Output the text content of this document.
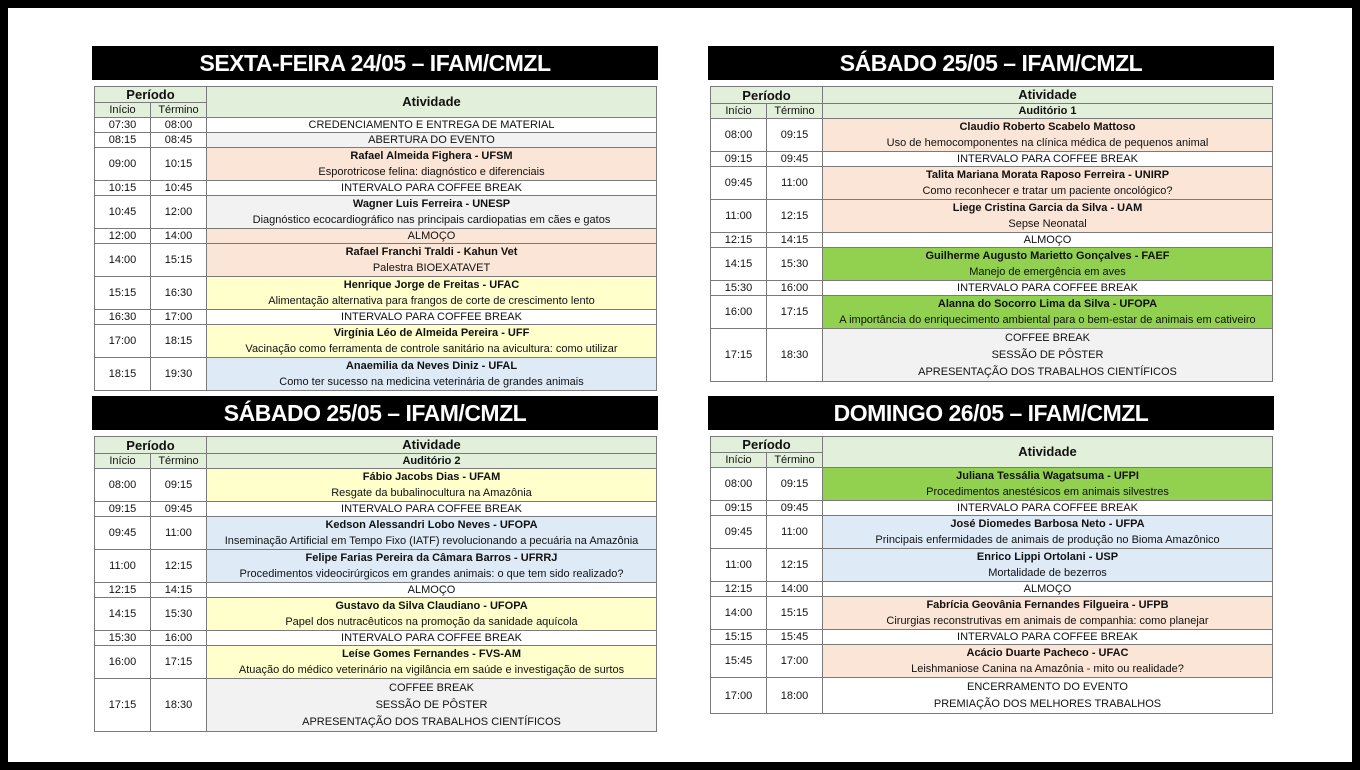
SEXTA-FEIRA 24/05 – IFAM/CMZL
Período		Atividade
Início	Término	
07:30	08:00	CREDENCIAMENTO E ENTREGA DE MATERIAL
08:15	08:45	ABERTURA DO EVENTO
09:00	10:15	Rafael Almeida Fighera - UFSM
Esporotricose felina: diagnóstico e diferenciais

10:15	10:45	INTERVALO PARA COFFEE BREAK
10:45	12:00	Wagner Luis Ferreira - UNESP
Diagnóstico ecocardiográfico nas principais cardiopatias em cães e gatos

12:00	14:00	ALMOÇO
14:00	15:15	Rafael Franchi Traldi - Kahun Vet
Palestra BIOEXATAVET

15:15	16:30	Henrique Jorge de Freitas - UFAC
Alimentação alternativa para frangos de corte de crescimento lento

16:30	17:00	INTERVALO PARA COFFEE BREAK
17:00	18:15	Virgínia Léo de Almeida Pereira - UFF
Vacinação como ferramenta de controle sanitário na avicultura: como utilizar

18:15	19:30	Anaemilia da Neves Diniz - UFAL
Como ter sucesso na medicina veterinária de grandes animais
SÁBADO 25/05 – IFAM/CMZL
Período		Atividade
Início	Término	Auditório 1
08:00	09:15	Claudio Roberto Scabelo Mattoso
Uso de hemocomponentes na clínica médica de pequenos animal

09:15	09:45	INTERVALO PARA COFFEE BREAK
09:45	11:00	Talita Mariana Morata Raposo Ferreira - UNIRP
Como reconhecer e tratar um paciente oncológico?

11:00	12:15	Liege Cristina Garcia da Silva - UAM
Sepse Neonatal

12:15	14:15	ALMOÇO
14:15	15:30	Guilherme Augusto Marietto Gonçalves - FAEF
Manejo de emergência em aves

15:30	16:00	INTERVALO PARA COFFEE BREAK
16:00	17:15	Alanna do Socorro Lima da Silva - UFOPA
A importância do enriquecimento ambiental para o bem-estar de animais em cativeiro

17:15	18:30	COFFEE BREAK
SESSÃO DE PÔSTER
APRESENTAÇÃO DOS TRABALHOS CIENTÍFICOS
SÁBADO 25/05 – IFAM/CMZL
Período		Atividade
Início	Término	Auditório 2
08:00	09:15	Fábio Jacobs Dias - UFAM
Resgate da bubalinocultura na Amazônia

09:15	09:45	INTERVALO PARA COFFEE BREAK
09:45	11:00	Kedson Alessandri Lobo Neves - UFOPA
Inseminação Artificial em Tempo Fixo (IATF) revolucionando a pecuária na Amazônia

11:00	12:15	Felipe Farias Pereira da Câmara Barros - UFRRJ
Procedimentos videocirúrgicos em grandes animais: o que tem sido realizado?

12:15	14:15	ALMOÇO
14:15	15:30	Gustavo da Silva Claudiano - UFOPA
Papel dos nutracêuticos na promoção da sanidade aquícola

15:30	16:00	INTERVALO PARA COFFEE BREAK
16:00	17:15	Leíse Gomes Fernandes - FVS-AM
Atuação do médico veterinário na vigilância em saúde e investigação de surtos

17:15	18:30	COFFEE BREAK
SESSÃO DE PÔSTER
APRESENTAÇÃO DOS TRABALHOS CIENTÍFICOS
DOMINGO 26/05 – IFAM/CMZL
Período		Atividade
Início	Término	
08:00	09:15	Juliana Tessália Wagatsuma - UFPI
Procedimentos anestésicos em animais silvestres

09:15	09:45	INTERVALO PARA COFFEE BREAK
09:45	11:00	José Diomedes Barbosa Neto - UFPA
Principais enfermidades de animais de produção no Bioma Amazônico

11:00	12:15	Enrico Lippi Ortolani - USP
Mortalidade de bezerros

12:15	14:00	ALMOÇO
14:00	15:15	Fabrícia Geovânia Fernandes Filgueira - UFPB
Cirurgias reconstrutivas em animais de companhia: como planejar

15:15	15:45	INTERVALO PARA COFFEE BREAK
15:45	17:00	Acácio Duarte Pacheco - UFAC
Leishmaniose Canina na Amazônia - mito ou realidade?

17:00	18:00	ENCERRAMENTO DO EVENTO
PREMIAÇÃO DOS MELHORES TRABALHOS
